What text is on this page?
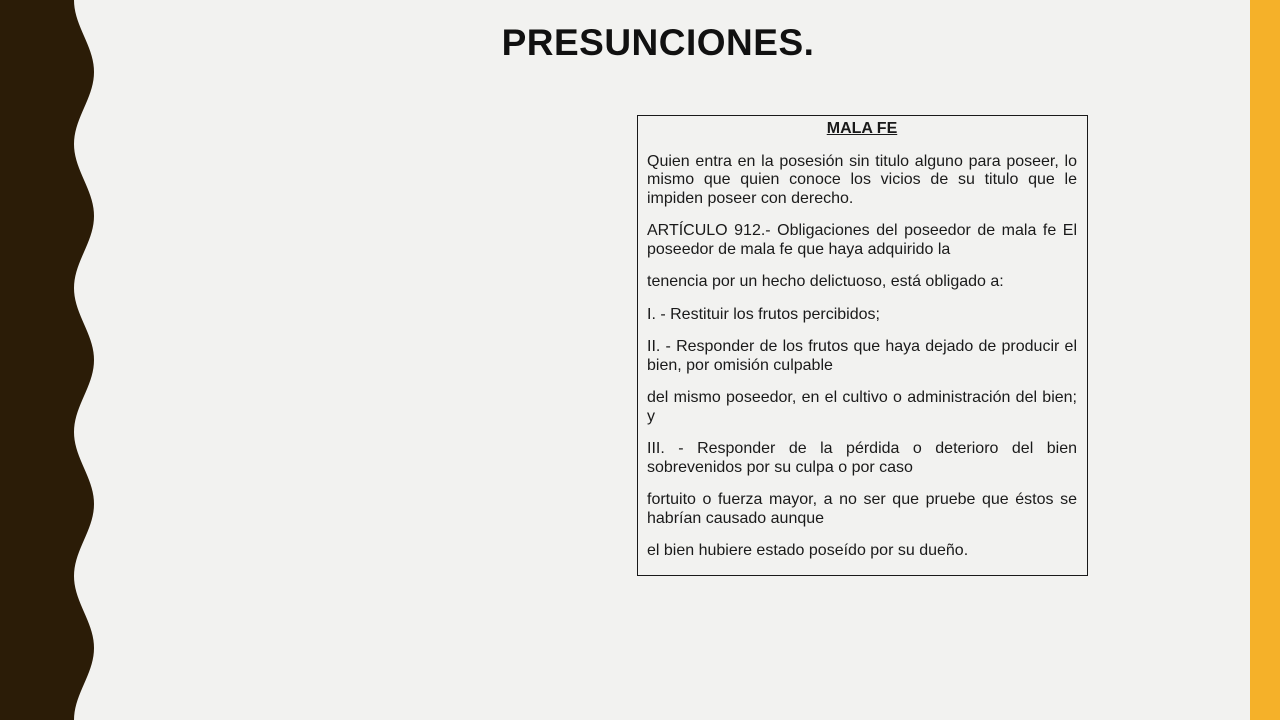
PRESUNCIONES.
MALA FE

Quien entra en la posesión sin titulo alguno para poseer, lo mismo que quien conoce los vicios de su titulo que le impiden poseer con derecho.

ARTÍCULO 912.- Obligaciones del poseedor de mala fe El poseedor de mala fe que haya adquirido la

tenencia por un hecho delictuoso, está obligado a:

I. - Restituir los frutos percibidos;

II. - Responder de los frutos que haya dejado de producir el bien, por omisión culpable

del mismo poseedor, en el cultivo o administración del bien; y

III. - Responder de la pérdida o deterioro del bien sobrevenidos por su culpa o por caso

fortuito o fuerza mayor, a no ser que pruebe que éstos se habrían causado aunque

el bien hubiere estado poseído por su dueño.
